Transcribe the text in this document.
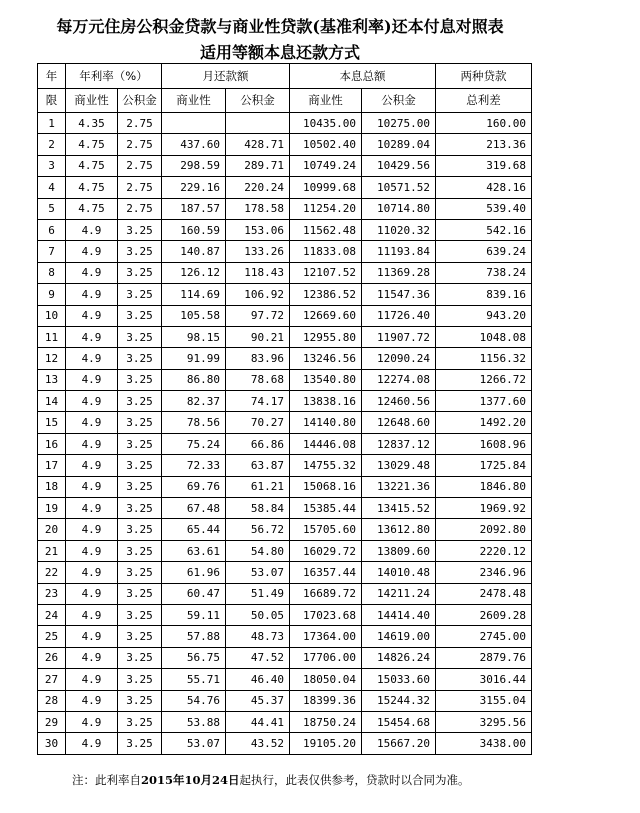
每万元住房公积金贷款与商业性贷款(基准利率)还本付息对照表
适用等额本息还款方式
年	年利率（%）		月还款额		本息总额		两种贷款
限	商业性	公积金	商业性	公积金	商业性	公积金	总利差
1	4.35	2.75			10435.00	10275.00	160.00
2	4.75	2.75	437.60	428.71	10502.40	10289.04	213.36
3	4.75	2.75	298.59	289.71	10749.24	10429.56	319.68
4	4.75	2.75	229.16	220.24	10999.68	10571.52	428.16
5	4.75	2.75	187.57	178.58	11254.20	10714.80	539.40
6	4.9	3.25	160.59	153.06	11562.48	11020.32	542.16
7	4.9	3.25	140.87	133.26	11833.08	11193.84	639.24
8	4.9	3.25	126.12	118.43	12107.52	11369.28	738.24
9	4.9	3.25	114.69	106.92	12386.52	11547.36	839.16
10	4.9	3.25	105.58	97.72	12669.60	11726.40	943.20
11	4.9	3.25	98.15	90.21	12955.80	11907.72	1048.08
12	4.9	3.25	91.99	83.96	13246.56	12090.24	1156.32
13	4.9	3.25	86.80	78.68	13540.80	12274.08	1266.72
14	4.9	3.25	82.37	74.17	13838.16	12460.56	1377.60
15	4.9	3.25	78.56	70.27	14140.80	12648.60	1492.20
16	4.9	3.25	75.24	66.86	14446.08	12837.12	1608.96
17	4.9	3.25	72.33	63.87	14755.32	13029.48	1725.84
18	4.9	3.25	69.76	61.21	15068.16	13221.36	1846.80
19	4.9	3.25	67.48	58.84	15385.44	13415.52	1969.92
20	4.9	3.25	65.44	56.72	15705.60	13612.80	2092.80
21	4.9	3.25	63.61	54.80	16029.72	13809.60	2220.12
22	4.9	3.25	61.96	53.07	16357.44	14010.48	2346.96
23	4.9	3.25	60.47	51.49	16689.72	14211.24	2478.48
24	4.9	3.25	59.11	50.05	17023.68	14414.40	2609.28
25	4.9	3.25	57.88	48.73	17364.00	14619.00	2745.00
26	4.9	3.25	56.75	47.52	17706.00	14826.24	2879.76
27	4.9	3.25	55.71	46.40	18050.04	15033.60	3016.44
28	4.9	3.25	54.76	45.37	18399.36	15244.32	3155.04
29	4.9	3.25	53.88	44.41	18750.24	15454.68	3295.56
30	4.9	3.25	53.07	43.52	19105.20	15667.20	3438.00
注：此利率自2015年10月24日起执行，此表仅供参考，贷款时以合同为准。
